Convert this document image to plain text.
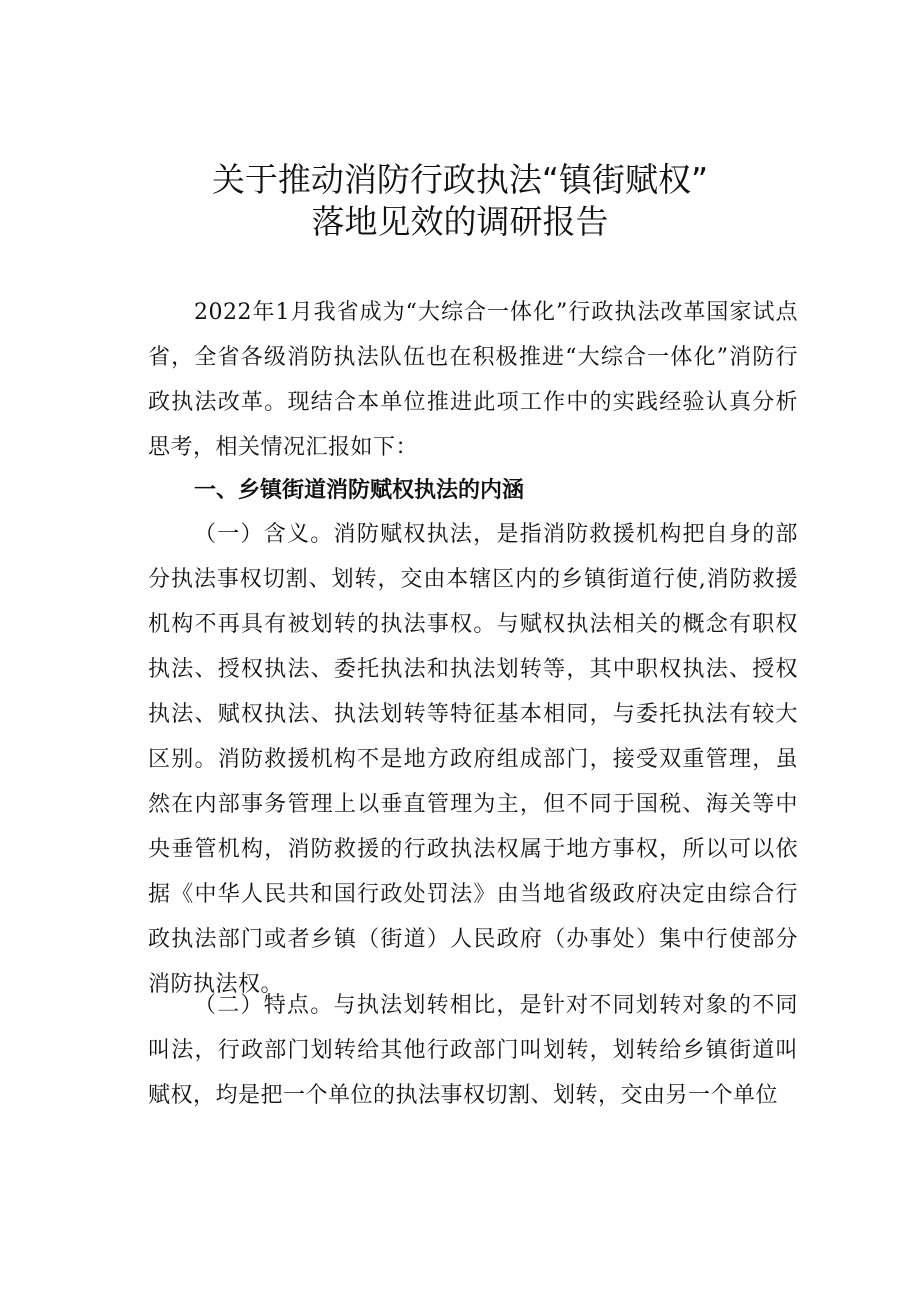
关于推动消防行政执法“镇街赋权”
落地见效的调研报告

2022年1月我省成为“大综合一体化”行政执法改革国家试点省，全省各级消防执法队伍也在积极推进“大综合一体化”消防行政执法改革。现结合本单位推进此项工作中的实践经验认真分析思考，相关情况汇报如下：

一、乡镇街道消防赋权执法的内涵

（一）含义。消防赋权执法，是指消防救援机构把自身的部分执法事权切割、划转，交由本辖区内的乡镇街道行使,消防救援机构不再具有被划转的执法事权。与赋权执法相关的概念有职权执法、授权执法、委托执法和执法划转等，其中职权执法、授权执法、赋权执法、执法划转等特征基本相同，与委托执法有较大区别。消防救援机构不是地方政府组成部门，接受双重管理，虽然在内部事务管理上以垂直管理为主，但不同于国税、海关等中央垂管机构，消防救援的行政执法权属于地方事权，所以可以依据《中华人民共和国行政处罚法》由当地省级政府决定由综合行政执法部门或者乡镇（街道）人民政府（办事处）集中行使部分消防执法权。

（二）特点。与执法划转相比，是针对不同划转对象的不同叫法，行政部门划转给其他行政部门叫划转，划转给乡镇街道叫赋权，均是把一个单位的执法事权切割、划转，交由另一个单位
